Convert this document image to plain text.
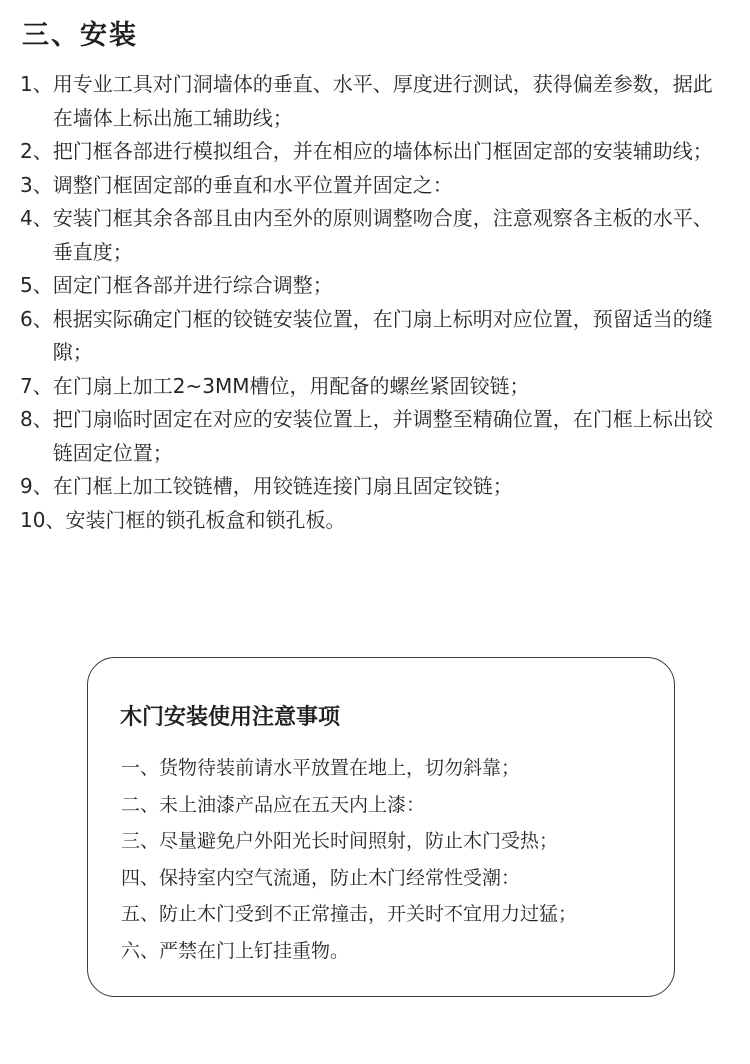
三、安装
1、 用专业工具对门洞墙体的垂直、水平、厚度进行测试，获得偏差参数，据此在墙体上标出施工辅助线；
2、 把门框各部进行模拟组合，并在相应的墙体标出门框固定部的安装辅助线；
3、 调整门框固定部的垂直和水平位置并固定之：
4、 安装门框其余各部且由内至外的原则调整吻合度，注意观察各主板的水平、垂直度；
5、 固定门框各部并进行综合调整；
6、 根据实际确定门框的铰链安装位置，在门扇上标明对应位置，预留适当的缝隙；
7、 在门扇上加工2~3MM槽位，用配备的螺丝紧固铰链；
8、 把门扇临时固定在对应的安装位置上，并调整至精确位置，在门框上标出铰链固定位置；
9、 在门框上加工铰链槽，用铰链连接门扇且固定铰链；
10、 安装门框的锁孔板盒和锁孔板。
木门安装使用注意事项
一、货物待装前请水平放置在地上，切勿斜靠；
二、未上油漆产品应在五天内上漆：
三、尽量避免户外阳光长时间照射，防止木门受热；
四、保持室内空气流通，防止木门经常性受潮：
五、防止木门受到不正常撞击，开关时不宜用力过猛；
六、严禁在门上钉挂重物。
